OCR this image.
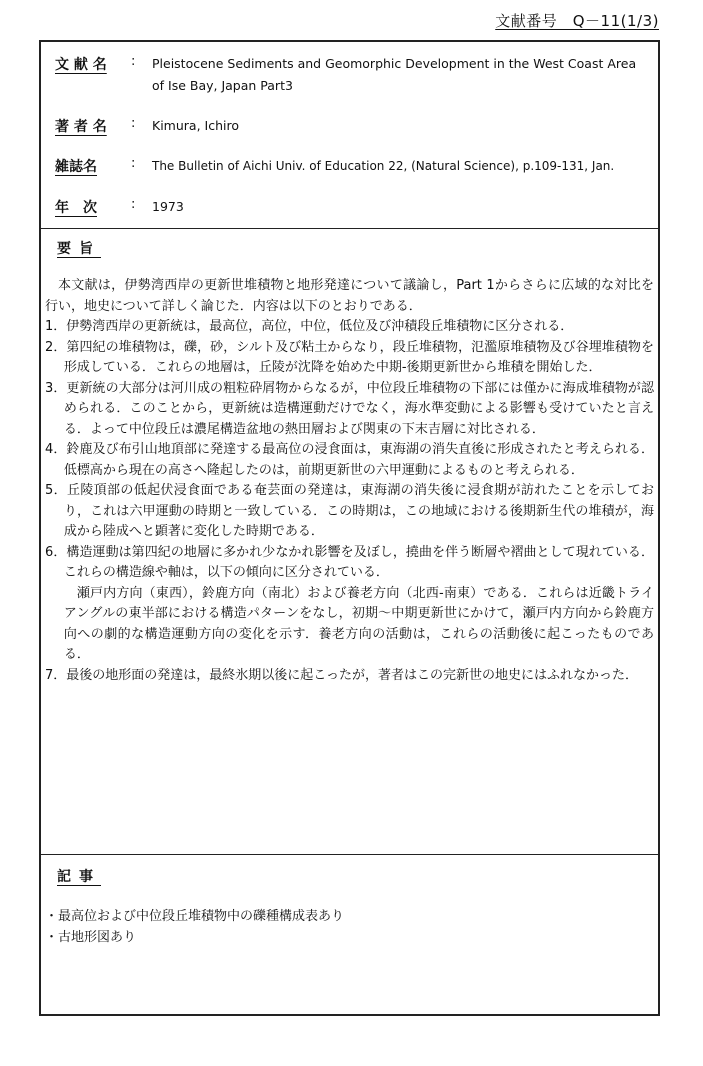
文献番号　Q－11(1/3)
文 献 名	: Pleistocene Sediments and Geomorphic Development in the West Coast Area of Ise Bay, Japan Part3
著 者 名	: Kimura, Ichiro
雑誌名	: The Bulletin of Aichi Univ. of Education 22, (Natural Science), p.109-131, Jan.
年　次	: 1973
要旨

本文献は，伊勢湾西岸の更新世堆積物と地形発達について議論し，Part 1からさらに広域的な対比を行い，地史について詳しく論じた．内容は以下のとおりである．

1．伊勢湾西岸の更新統は，最高位，高位，中位，低位及び沖積段丘堆積物に区分される．

2．第四紀の堆積物は，礫，砂，シルト及び粘土からなり，段丘堆積物，氾濫原堆積物及び谷埋堆積物を形成している．これらの地層は，丘陵が沈降を始めた中期-後期更新世から堆積を開始した．

3．更新統の大部分は河川成の粗粒砕屑物からなるが，中位段丘堆積物の下部には僅かに海成堆積物が認められる．このことから，更新統は造構運動だけでなく，海水準変動による影響も受けていたと言える．よって中位段丘は濃尾構造盆地の熱田層および関東の下末吉層に対比される．

4．鈴鹿及び布引山地頂部に発達する最高位の浸食面は，東海湖の消失直後に形成されたと考えられる．低標高から現在の高さへ隆起したのは，前期更新世の六甲運動によるものと考えられる．

5．丘陵頂部の低起伏浸食面である奄芸面の発達は，東海湖の消失後に浸食期が訪れたことを示しており，これは六甲運動の時期と一致している．この時期は，この地域における後期新生代の堆積が，海成から陸成へと顕著に変化した時期である．

6．構造運動は第四紀の地層に多かれ少なかれ影響を及ぼし，撓曲を伴う断層や褶曲として現れている．これらの構造線や軸は，以下の傾向に区分されている．

瀬戸内方向（東西），鈴鹿方向（南北）および養老方向（北西-南東）である．これらは近畿トライアングルの東半部における構造パターンをなし，初期～中期更新世にかけて，瀬戸内方向から鈴鹿方向への劇的な構造運動方向の変化を示す．養老方向の活動は，これらの活動後に起こったものである．

7．最後の地形面の発達は，最終氷期以後に起こったが，著者はこの完新世の地史にはふれなかった．

記事

・最高位および中位段丘堆積物中の礫種構成表あり

・古地形図あり
